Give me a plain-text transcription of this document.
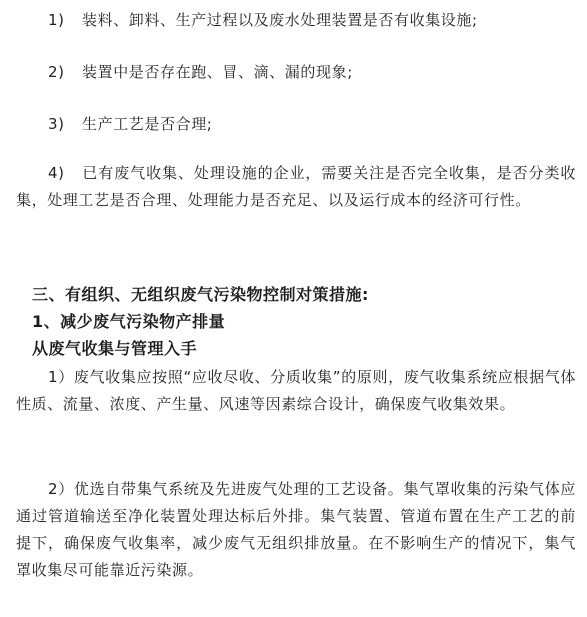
1) 装料、卸料、生产过程以及废水处理装置是否有收集设施;
2) 装置中是否存在跑、冒、滴、漏的现象;
3) 生产工艺是否合理;
4) 已有废气收集、处理设施的企业，需要关注是否完全收集，是否分类收集，处理工艺是否合理、处理能力是否充足、以及运行成本的经济可行性。
三、有组织、无组织废气污染物控制对策措施:
1、减少废气污染物产排量
从废气收集与管理入手
1）废气收集应按照“应收尽收、分质收集”的原则，废气收集系统应根据气体性质、流量、浓度、产生量、风速等因素综合设计，确保废气收集效果。
2）优选自带集气系统及先进废气处理的工艺设备。集气罩收集的污染气体应通过管道输送至净化装置处理达标后外排。集气装置、管道布置在生产工艺的前提下，确保废气收集率，减少废气无组织排放量。在不影响生产的情况下，集气罩收集尽可能靠近污染源。
